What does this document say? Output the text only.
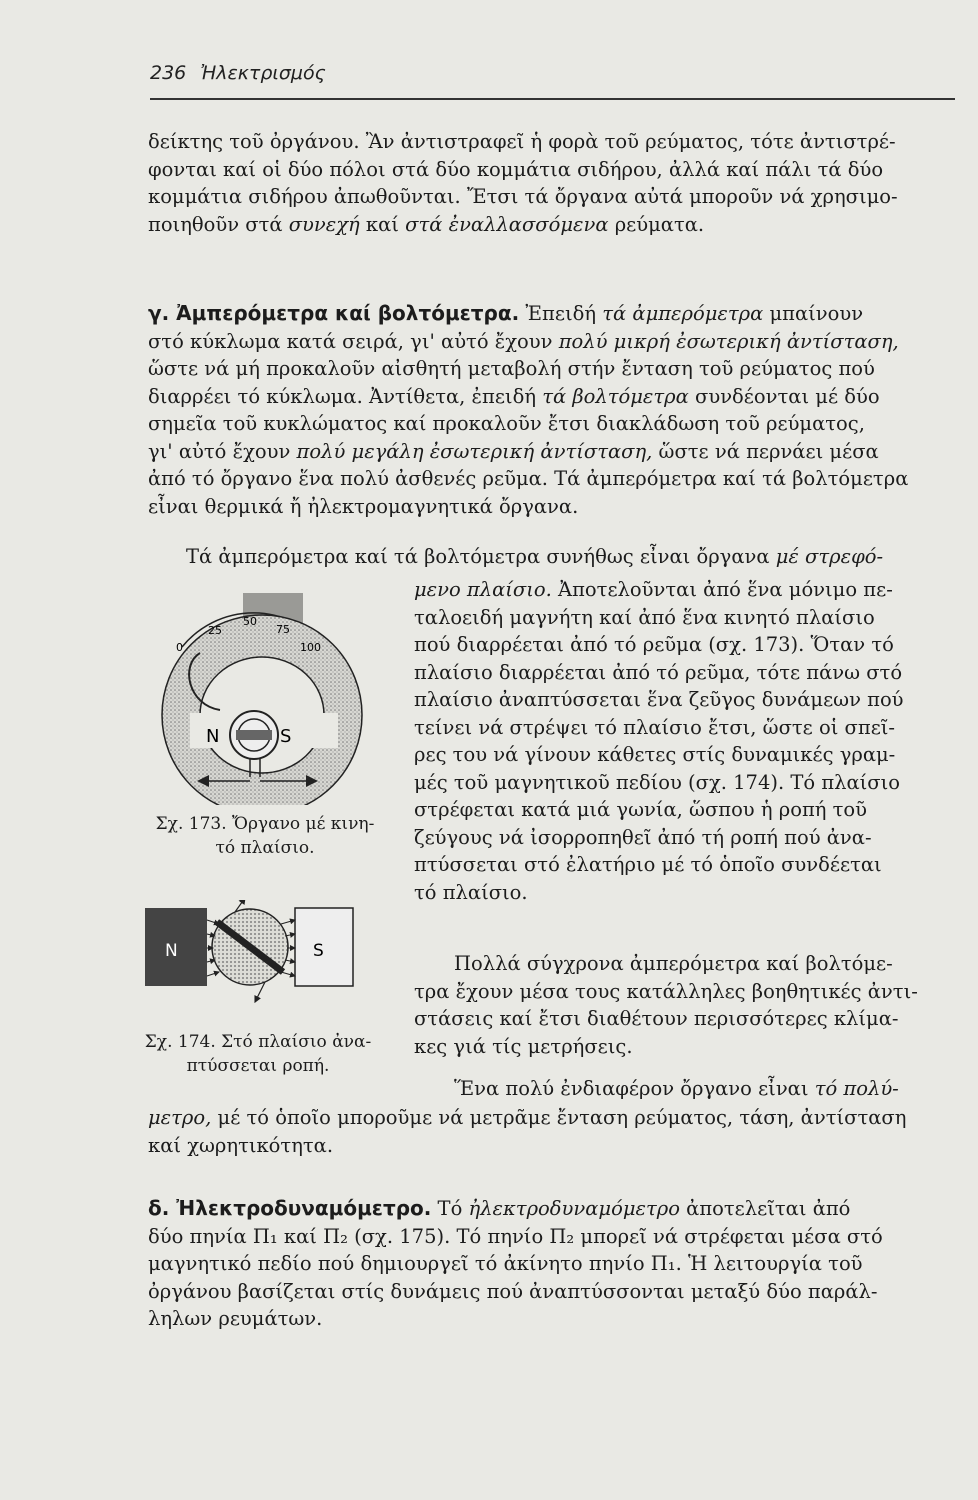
236 Ἠλεκτρισμός
δείκτης τοῦ ὀργάνου. Ἂν ἀντιστραφεῖ ἡ φορὰ τοῦ ρεύματος, τότε ἀντιστρέ-
φονται καί οἱ δύο πόλοι στά δύο κομμάτια σιδήρου, ἀλλά καί πάλι τά δύο
κομμάτια σιδήρου ἀπωθοῦνται. Ἔτσι τά ὄργανα αὐτά μποροῦν νά χρησιμο-
ποιηθοῦν στά συνεχή καί στά ἐναλλασσόμενα ρεύματα.
γ. Ἀμπερόμετρα καί βολτόμετρα. Ἐπειδή τά ἀμπερόμετρα μπαίνουν
στό κύκλωμα κατά σειρά, γι' αὐτό ἔχουν πολύ μικρή ἐσωτερική ἀντίσταση,
ὥστε νά μή προκαλοῦν αἰσθητή μεταβολή στήν ἔνταση τοῦ ρεύματος πού
διαρρέει τό κύκλωμα. Ἀντίθετα, ἐπειδή τά βολτόμετρα συνδέονται μέ δύο
σημεῖα τοῦ κυκλώματος καί προκαλοῦν ἔτσι διακλάδωση τοῦ ρεύματος,
γι' αὐτό ἔχουν πολύ μεγάλη ἐσωτερική ἀντίσταση, ὥστε νά περνάει μέσα
ἀπό τό ὄργανο ἕνα πολύ ἀσθενές ρεῦμα. Τά ἀμπερόμετρα καί τά βολτόμετρα
εἶναι θερμικά ἤ ἠλεκτρομαγνητικά ὄργανα.
Τά ἀμπερόμετρα καί τά βολτόμετρα συνήθως εἶναι ὄργανα μέ στρεφό-
μενο πλαίσιο. Ἀποτελοῦνται ἀπό ἕνα μόνιμο πε-
ταλοειδή μαγνήτη καί ἀπό ἕνα κινητό πλαίσιο
πού διαρρέεται ἀπό τό ρεῦμα (σχ. 173). Ὅταν τό
πλαίσιο διαρρέεται ἀπό τό ρεῦμα, τότε πάνω στό
πλαίσιο ἀναπτύσσεται ἕνα ζεῦγος δυνάμεων πού
τείνει νά στρέψει τό πλαίσιο ἔτσι, ὥστε οἱ σπεῖ-
ρες του νά γίνουν κάθετες στίς δυναμικές γραμ-
μές τοῦ μαγνητικοῦ πεδίου (σχ. 174). Τό πλαίσιο
στρέφεται κατά μιά γωνία, ὥσπου ἡ ροπή τοῦ
ζεύγους νά ἰσορροπηθεῖ ἀπό τή ροπή πού ἀνα-
πτύσσεται στό ἐλατήριο μέ τό ὁποῖο συνδέεται
τό πλαίσιο.
Πολλά σύγχρονα ἀμπερόμετρα καί βολτόμε-
τρα ἔχουν μέσα τους κατάλληλες βοηθητικές ἀντι-
στάσεις καί ἔτσι διαθέτουν περισσότερες κλίμα-
κες γιά τίς μετρήσεις.
Ἕνα πολύ ἐνδιαφέρον ὄργανο εἶναι τό πολύ-
μετρο, μέ τό ὁποῖο μποροῦμε νά μετρᾶμε ἔνταση ρεύματος, τάση, ἀντίσταση
καί χωρητικότητα.
δ. Ἠλεκτροδυναμόμετρο. Τό ἠλεκτροδυναμόμετρο ἀποτελεῖται ἀπό
δύο πηνία Π₁ καί Π₂ (σχ. 175). Τό πηνίο Π₂ μπορεῖ νά στρέφεται μέσα στό
μαγνητικό πεδίο πού δημιουργεῖ τό ἀκίνητο πηνίο Π₁. Ἡ λειτουργία τοῦ
ὀργάνου βασίζεται στίς δυνάμεις πού ἀναπτύσσονται μεταξύ δύο παράλ-
ληλων ρευμάτων.
0
25
50
75
100
N	S
Σχ. 173. Ὄργανο μέ κινη-
τό πλαίσιο.
N	S
Σχ. 174. Στό πλαίσιο ἀνα-
πτύσσεται ροπή.
